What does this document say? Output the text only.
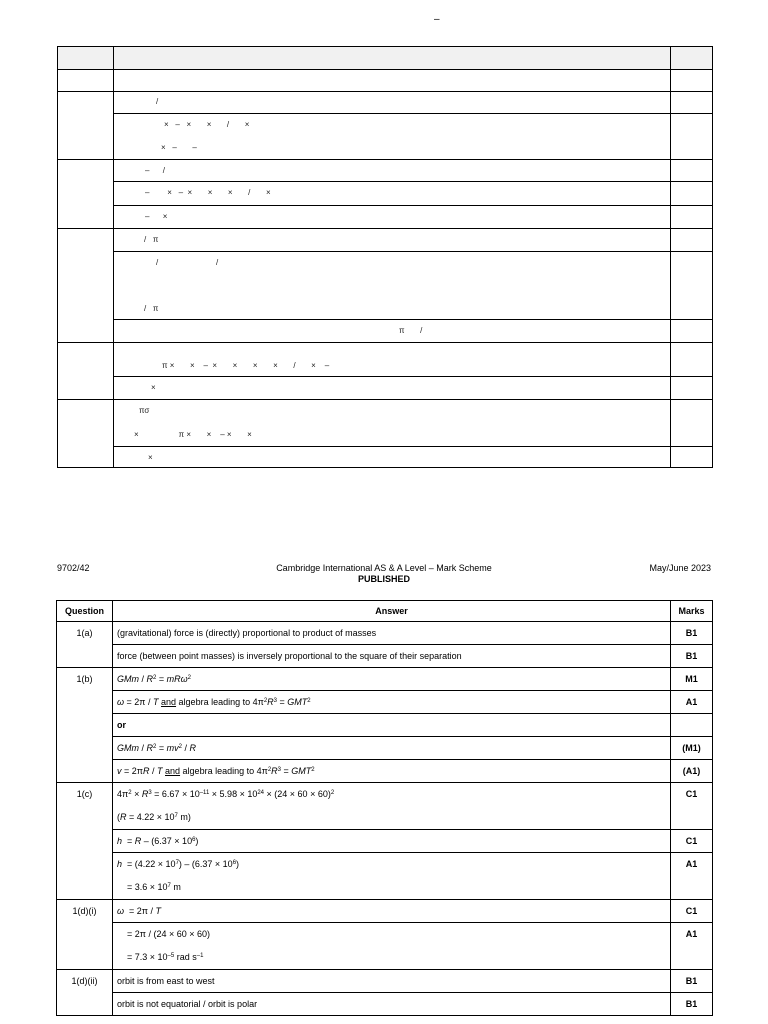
–

	/	

	×   –   ×       ×       /       ×
×   –       –	

	–      /	

	–        ×   –  ×       ×       ×       /       ×	

	–      ×	

	/   π	

	/                          /
/   π	

	π       /	

	π ×       ×    –  ×       ×       ×       ×       /       ×    –	

	×	

	πσ
×                  π ×       ×    – ×       ×	

	×	

9702/42	Cambridge International AS & A Level – Mark Scheme
PUBLISHED
May/June 2023
Question	Answer	Marks
1(a)	(gravitational) force is (directly) proportional to product of masses	B1
	force (between point masses) is inversely proportional to the square of their separation	B1
1(b)	GMm / $R^2 = mR\omega^2$	M1
	ω = 2π / T and algebra leading to $4\pi^2R^3 = GMT^2$	A1
	or	
	GMm / $R^2 = mv^2 / R$	(M1)
	v = 2πR / T and algebra leading to $4\pi^2R^3 = GMT^2$	(A1)
1(c)	$4\pi^2 \times R^3 = 6.67 \times 10^{-11} \times 5.98 \times 10^{24} \times (24 \times 60 \times 60)^2$
($R = 4.22 \times 10^7$ m)	C1
	$h = R - (6.37 \times 10^6)$	C1

	$h = (4.22 \times 10^7) - (6.37 \times 10^6)$
= $3.6 \times 10^7$ m	A1
1(d)(i)	ω  = 2π / T	C1

	= 2π / (24 × 60 × 60)
= $7.3 \times 10^{-5}$ rad $s^{-1}$	A1
1(d)(ii)	orbit is from east to west	B1
	orbit is not equatorial / orbit is polar	B1
